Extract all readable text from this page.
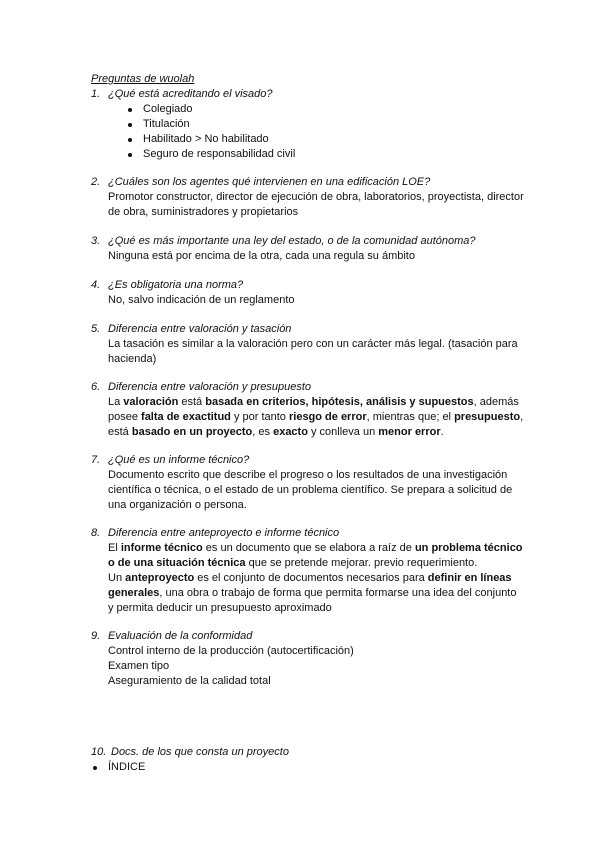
Preguntas de wuolah
1. ¿Qué está acreditando el visado?
Colegiado
Titulación
Habilitado > No habilitado
Seguro de responsabilidad civil
2. ¿Cuáles son los agentes qué intervienen en una edificación LOE?
Promotor constructor, director de ejecución de obra, laboratorios, proyectista, director
de obra, suministradores y propietarios
3. ¿Qué es más importante una ley del estado, o de la comunidad autónoma?
Ninguna está por encima de la otra, cada una regula su ámbito
4. ¿Es obligatoria una norma?
No, salvo indicación de un reglamento
5. Diferencia entre valoración y tasación
La tasación es similar a la valoración pero con un carácter más legal. (tasación para
hacienda)
6. Diferencia entre valoración y presupuesto
La valoración está basada en criterios, hipótesis, análisis y supuestos, además
posee falta de exactitud y por tanto riesgo de error, mientras que; el presupuesto,
está basado en un proyecto, es exacto y conlleva un menor error.
7. ¿Qué es un informe técnico?
Documento escrito que describe el progreso o los resultados de una investigación
científica o técnica, o el estado de un problema científico. Se prepara a solicitud de
una organización o persona.
8. Diferencia entre anteproyecto e informe técnico
El informe técnico es un documento que se elabora a raíz de un problema técnico
o de una situación técnica que se pretende mejorar. previo requerimiento.
Un anteproyecto es el conjunto de documentos necesarios para definir en líneas
generales, una obra o trabajo de forma que permita formarse una idea del conjunto
y permita deducir un presupuesto aproximado
9. Evaluación de la conformidad
Control interno de la producción (autocertificación)
Examen tipo
Aseguramiento de la calidad total
10. Docs. de los que consta un proyecto
ÍNDICE
